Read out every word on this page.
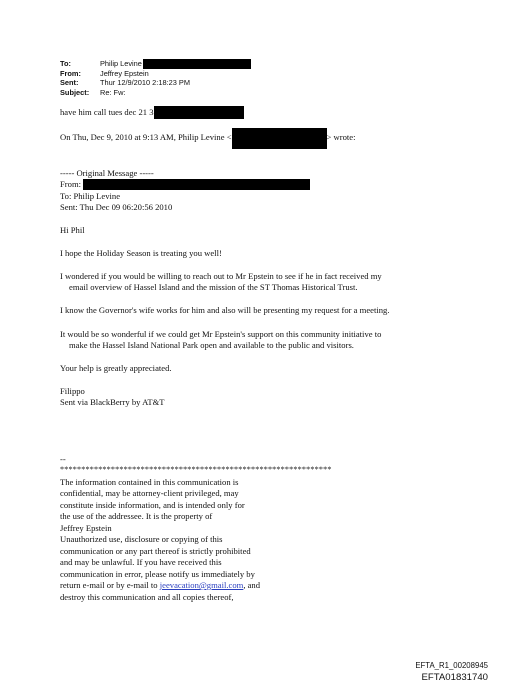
To:	Philip Levine
From:	Jeffrey Epstein
Sent:	Thur 12/9/2010 2:18:23 PM
Subject:	Re: Fw:
have him call tues dec 21 3
On Thu, Dec 9, 2010 at 9:13 AM, Philip Levine <	> wrote:
----- Original Message -----
From:
To: Philip Levine
Sent: Thu Dec 09 06:20:56 2010
Hi Phil
I hope the Holiday Season is treating you well!
I wondered if you would be willing to reach out to Mr Epstein to see if he in fact received my
email overview of Hassel Island and the mission of the ST Thomas Historical Trust.
I know the Governor's wife works for him and also will be presenting my request for a meeting.
It would be so wonderful if we could get Mr Epstein's support on this community initiative to
make the Hassel Island National Park open and available to the public and visitors.
Your help is greatly appreciated.
Filippo
Sent via BlackBerry by AT&T
--
****************************************************************
The information contained in this communication is
confidential, may be attorney-client privileged, may
constitute inside information, and is intended only for
the use of the addressee. It is the property of
Jeffrey Epstein
Unauthorized use, disclosure or copying of this
communication or any part thereof is strictly prohibited
and may be unlawful. If you have received this
communication in error, please notify us immediately by
return e-mail or by e-mail to jeevacation@gmail.com, and
destroy this communication and all copies thereof,
EFTA_R1_00208945
EFTA01831740
